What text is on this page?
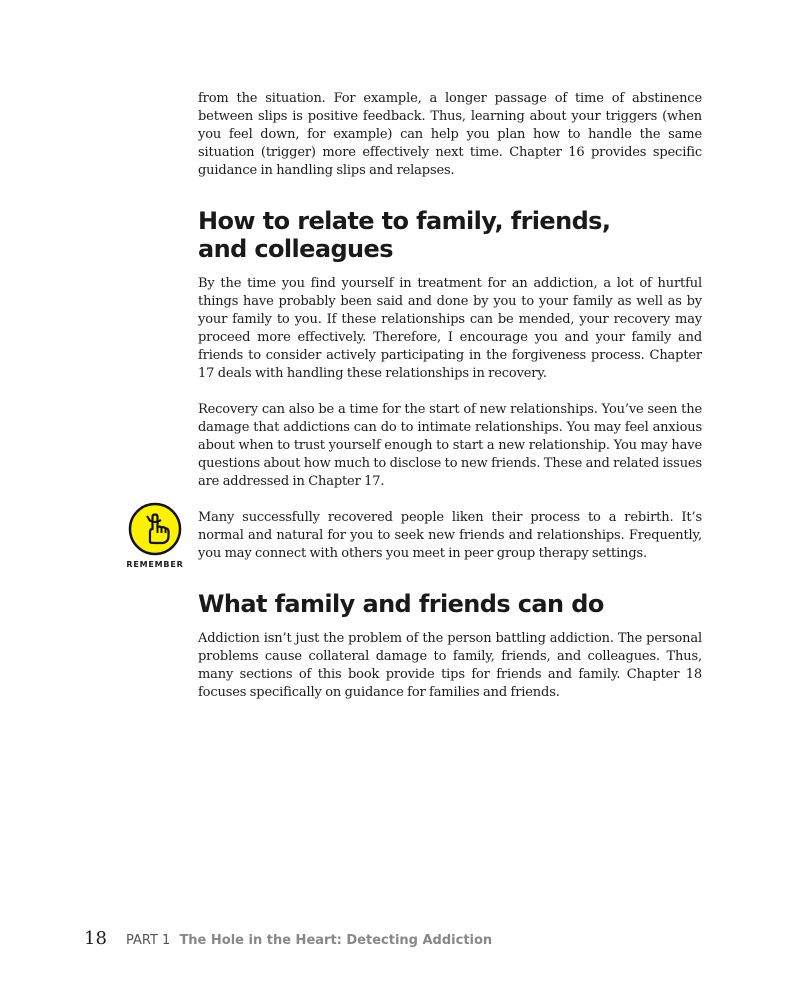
from the situation. For example, a longer passage of time of abstinence between slips is positive feedback. Thus, learning about your triggers (when you feel down, for example) can help you plan how to handle the same situation (trigger) more effectively next time. Chapter 16 provides specific guidance in handling slips and relapses.

How to relate to family, friends,
and colleagues

By the time you find yourself in treatment for an addiction, a lot of hurtful things have probably been said and done by you to your family as well as by your family to you. If these relationships can be mended, your recovery may proceed more effectively. Therefore, I encourage you and your family and friends to consider actively participating in the forgiveness process. Chapter 17 deals with handling these relationships in recovery.

Recovery can also be a time for the start of new relationships. You’ve seen the damage that addictions can do to intimate relationships. You may feel anxious about when to trust yourself enough to start a new relationship. You may have questions about how much to disclose to new friends. These and related issues are addressed in Chapter 17.

REMEMBER

Many successfully recovered people liken their process to a rebirth. It’s normal and natural for you to seek new friends and relationships. Frequently, you may connect with others you meet in peer group therapy settings.

What family and friends can do

Addiction isn’t just the problem of the person battling addiction. The personal problems cause collateral damage to family, friends, and colleagues. Thus, many sections of this book provide tips for friends and family. Chapter 18 focuses specifically on guidance for families and friends.

18 PART 1 The Hole in the Heart: Detecting Addiction
